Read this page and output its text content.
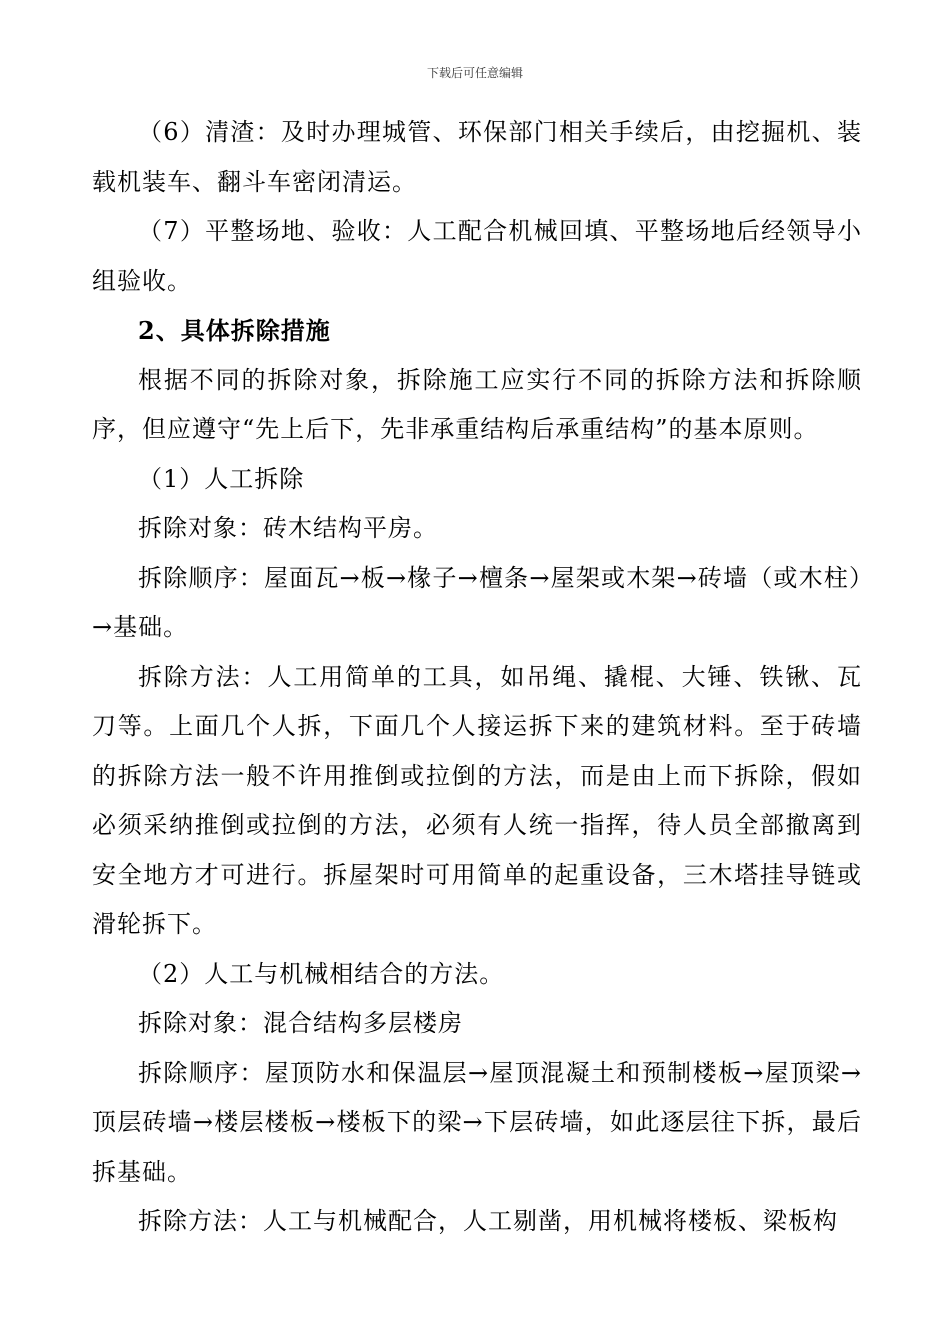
下载后可任意编辑

（6）清渣：及时办理城管、环保部门相关手续后，由挖掘机、装载机装车、翻斗车密闭清运。

（7）平整场地、验收：人工配合机械回填、平整场地后经领导小组验收。

2、具体拆除措施

根据不同的拆除对象，拆除施工应实行不同的拆除方法和拆除顺序，但应遵守“先上后下，先非承重结构后承重结构”的基本原则。

（1）人工拆除

拆除对象：砖木结构平房。

拆除顺序：屋面瓦→板→椽子→檀条→屋架或木架→砖墙（或木柱）→基础。

拆除方法：人工用简单的工具，如吊绳、撬棍、大锤、铁锹、瓦刀等。上面几个人拆，下面几个人接运拆下来的建筑材料。至于砖墙的拆除方法一般不许用推倒或拉倒的方法，而是由上而下拆除，假如必须采纳推倒或拉倒的方法，必须有人统一指挥，待人员全部撤离到安全地方才可进行。拆屋架时可用简单的起重设备，三木塔挂导链或滑轮拆下。

（2）人工与机械相结合的方法。

拆除对象：混合结构多层楼房

拆除顺序：屋顶防水和保温层→屋顶混凝土和预制楼板→屋顶梁→顶层砖墙→楼层楼板→楼板下的梁→下层砖墙，如此逐层往下拆，最后拆基础。

拆除方法：人工与机械配合，人工剔凿，用机械将楼板、梁板构
